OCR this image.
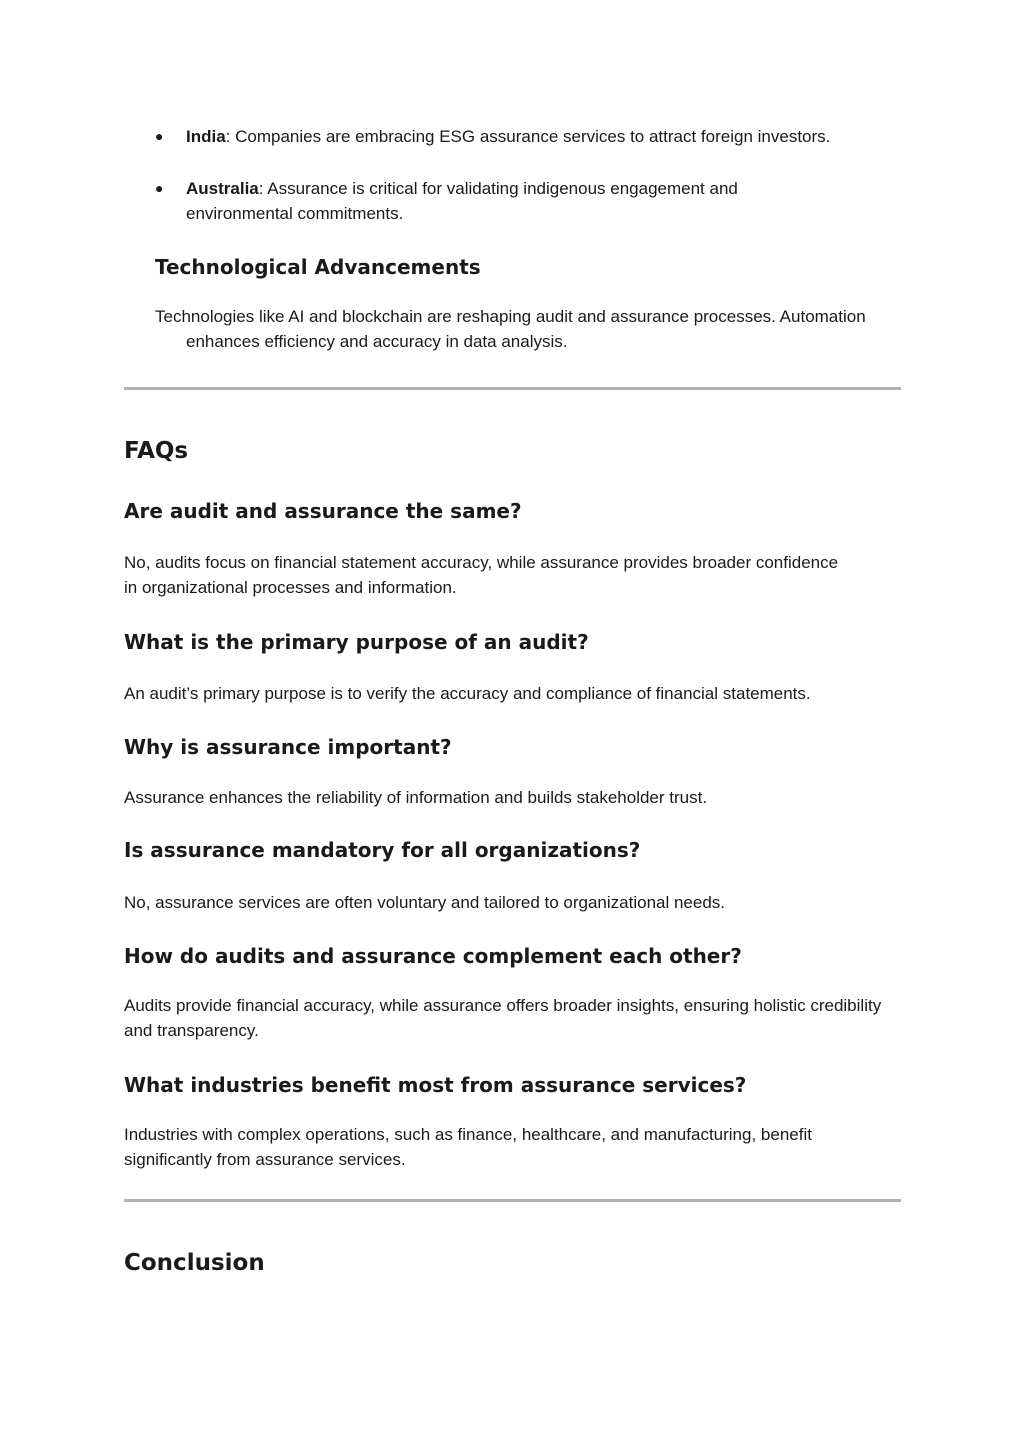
● India: Companies are embracing ESG assurance services to attract foreign investors.

● Australia: Assurance is critical for validating indigenous engagement and environmental commitments.

Technological Advancements

Technologies like AI and blockchain are reshaping audit and assurance processes. Automation enhances efficiency and accuracy in data analysis.

FAQs
Are audit and assurance the same?

No, audits focus on financial statement accuracy, while assurance provides broader confidence in organizational processes and information.

What is the primary purpose of an audit?

An audit’s primary purpose is to verify the accuracy and compliance of financial statements.

Why is assurance important?

Assurance enhances the reliability of information and builds stakeholder trust.

Is assurance mandatory for all organizations?

No, assurance services are often voluntary and tailored to organizational needs.

How do audits and assurance complement each other?

Audits provide financial accuracy, while assurance offers broader insights, ensuring holistic credibility and transparency.

What industries benefit most from assurance services?

Industries with complex operations, such as finance, healthcare, and manufacturing, benefit significantly from assurance services.

Conclusion
